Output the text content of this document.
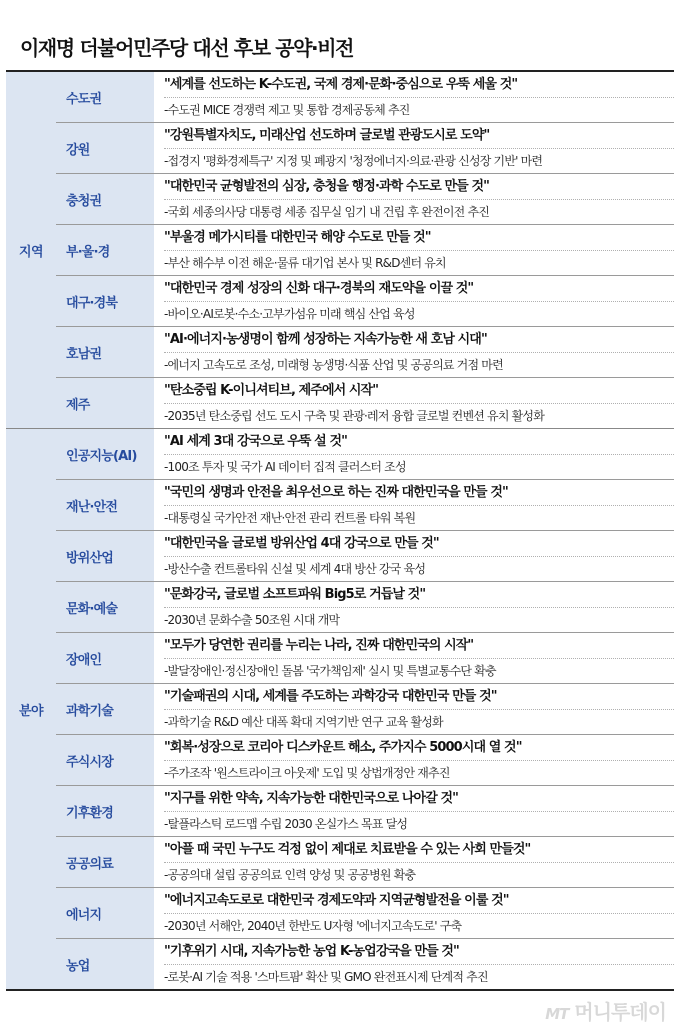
이재명 더불어민주당 대선 후보 공약·비전
지역
수도권
"세계를 선도하는 K-수도권, 국제 경제·문화·중심으로 우뚝 세울 것"
-수도권 MICE 경쟁력 제고 및 통합 경제공동체 추진
강원
"강원특별자치도, 미래산업 선도하며 글로벌 관광도시로 도약"
-접경지 '평화경제특구' 지정 및 폐광지 '청정에너지·의료·관광 신성장 기반' 마련
충청권
"대한민국 균형발전의 심장, 충청을 행정·과학 수도로 만들 것"
-국회 세종의사당 대통령 세종 집무실 임기 내 건립 후 완전이전 추진
부·울·경
"부울경 메가시티를 대한민국 해양 수도로 만들 것"
-부산 해수부 이전 해운·물류 대기업 본사 및 R&D센터 유치
대구·경북
"대한민국 경제 성장의 신화 대구·경북의 재도약을 이끌 것"
-바이오·AI로봇·수소·고부가섬유 미래 핵심 산업 육성
호남권
"AI·에너지·농생명이 함께 성장하는 지속가능한 새 호남 시대"
-에너지 고속도로 조성, 미래형 농생명·식품 산업 및 공공의료 거점 마련
제주
"탄소중립 K-이니셔티브, 제주에서 시작"
-2035년 탄소중립 선도 도시 구축 및 관광·레저 융합 글로벌 컨벤션 유치 활성화
분야
인공지능(AI)
"AI 세계 3대 강국으로 우뚝 설 것"
-100조 투자 및 국가 AI 데이터 집적 클러스터 조성
재난·안전
"국민의 생명과 안전을 최우선으로 하는 진짜 대한민국을 만들 것"
-대통령실 국가안전 재난·안전 관리 컨트롤 타워 복원
방위산업
"대한민국을 글로벌 방위산업 4대 강국으로 만들 것"
-방산수출 컨트롤타워 신설 및 세계 4대 방산 강국 육성
문화·예술
"문화강국, 글로벌 소프트파워 Big5로 거듭날 것"
-2030년 문화수출 50조원 시대 개막
장애인
"모두가 당연한 권리를 누리는 나라, 진짜 대한민국의 시작"
-발달장애인·정신장애인 돌봄 '국가책임제' 실시 및 특별교통수단 확충
과학기술
"기술패권의 시대, 세계를 주도하는 과학강국 대한민국 만들 것"
-과학기술 R&D 예산 대폭 확대 지역기반 연구 교육 활성화
주식시장
"회복·성장으로 코리아 디스카운트 해소, 주가지수 5000시대 열 것"
-주가조작 '원스트라이크 아웃제' 도입 및 상법개정안 재추진
기후환경
"지구를 위한 약속, 지속가능한 대한민국으로 나아갈 것"
-탈플라스틱 로드맵 수립 2030 온실가스 목표 달성
공공의료
"아플 때 국민 누구도 걱정 없이 제대로 치료받을 수 있는 사회 만들것"
-공공의대 설립 공공의료 인력 양성 및 공공병원 확충
에너지
"에너지고속도로로 대한민국 경제도약과 지역균형발전을 이룰 것"
-2030년 서해안, 2040년 한반도 U자형 '에너지고속도로' 구축
농업
"기후위기 시대, 지속가능한 농업 K-농업강국을 만들 것"
-로봇·AI 기술 적용 '스마트팜' 확산 및 GMO 완전표시제 단계적 추진
MT 머니투데이
